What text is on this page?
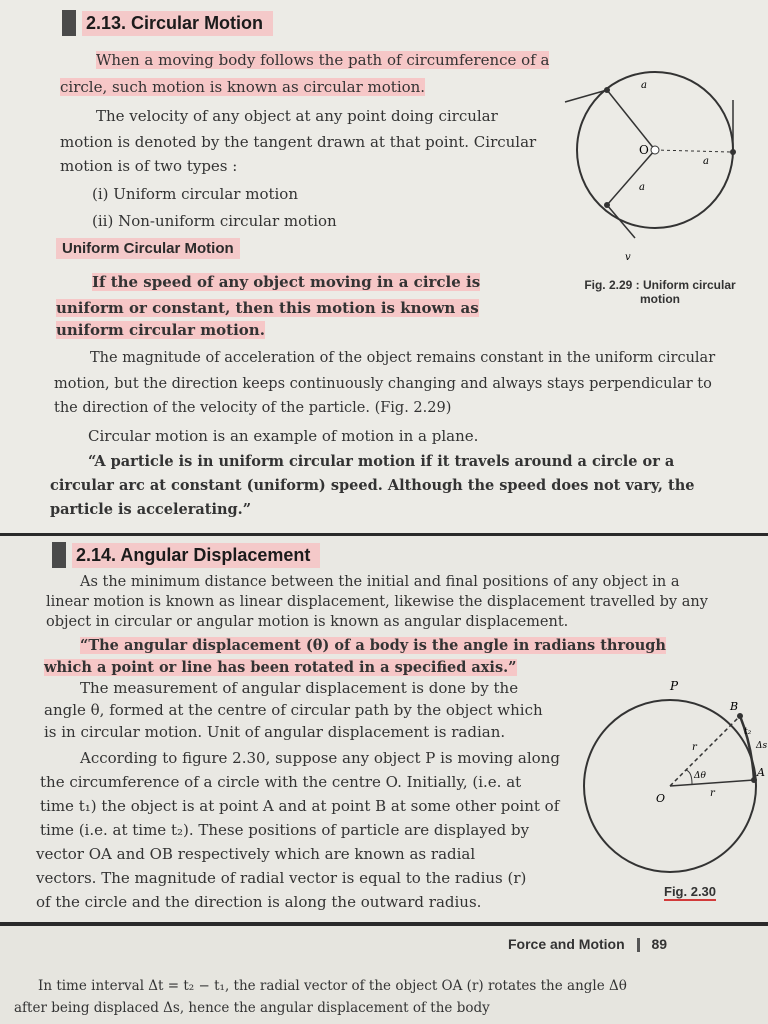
2.13. Circular Motion
When a moving body follows the path of circumference of a
circle, such motion is known as circular motion.
The velocity of any object at any point doing circular
motion is denoted by the tangent drawn at that point. Circular
motion is of two types :
(i) Uniform circular motion
(ii) Non-uniform circular motion
Uniform Circular Motion
If the speed of any object moving in a circle is
uniform or constant, then this motion is known as
uniform circular motion.
The magnitude of acceleration of the object remains constant in the uniform circular
motion, but the direction keeps continuously changing and always stays perpendicular to
the direction of the velocity of the particle. (Fig. 2.29)
Circular motion is an example of motion in a plane.
“A particle is in uniform circular motion if it travels around a circle or a
circular arc at constant (uniform) speed. Although the speed does not vary, the
particle is accelerating.”
O
a
a
a
v
Fig. 2.29 : Uniform circular
motion
2.14. Angular Displacement
As the minimum distance between the initial and final positions of any object in a
linear motion is known as linear displacement, likewise the displacement travelled by any
object in circular or angular motion is known as angular displacement.
“The angular displacement (θ) of a body is the angle in radians through
which a point or line has been rotated in a specified axis.”
The measurement of angular displacement is done by the
angle θ, formed at the centre of circular path by the object which
is in circular motion. Unit of angular displacement is radian.
According to figure 2.30, suppose any object P is moving along
the circumference of a circle with the centre O. Initially, (i.e. at
time t₁) the object is at point A and at point B at some other point of
time (i.e. at time t₂). These positions of particle are displayed by
vector OA and OB respectively which are known as radial
vectors. The magnitude of radial vector is equal to the radius (r)
of the circle and the direction is along the outward radius.
P
B
A
O
t₂
Δs
Δθ
r
r
Fig. 2.30
Force and Motion 89
In time interval Δt = t₂ − t₁, the radial vector of the object OA (r) rotates the angle Δθ
after being displaced Δs, hence the angular displacement of the body
